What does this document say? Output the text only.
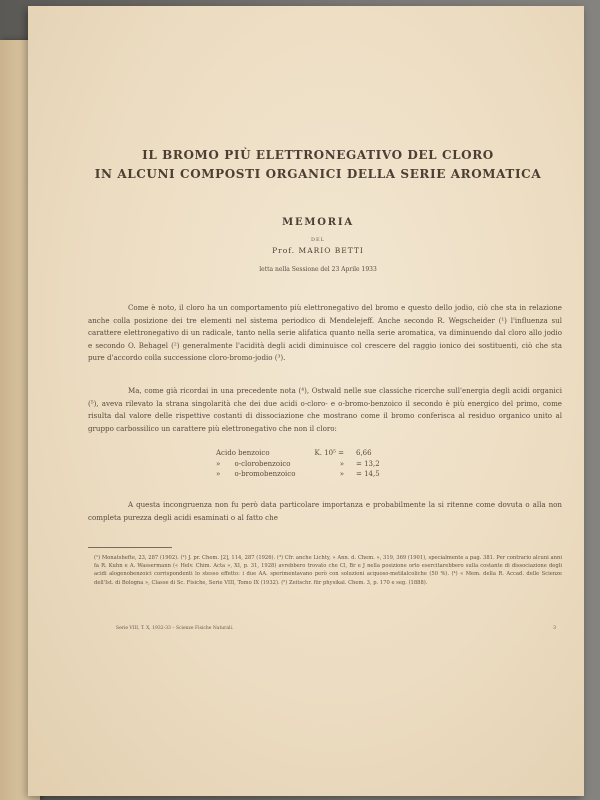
IL BROMO PIÙ ELETTRONEGATIVO DEL CLORO
IN ALCUNI COMPOSTI ORGANICI DELLA SERIE AROMATICA
MEMORIA
DEL
Prof. MARIO BETTI
letta nella Sessione del 23 Aprile 1933

Come è noto, il cloro ha un comportamento più elettronegativo del bromo e questo dello jodio, ciò che sta in relazione anche colla posizione dei tre elementi nel sistema periodico di Mendelejeff. Anche secondo R. Wegscheider (¹) l'influenza sul carattere elettronegativo di un radicale, tanto nella serie alifatica quanto nella serie aromatica, va diminuendo dal cloro allo jodio e secondo O. Behagel (²) generalmente l'acidità degli acidi diminuisce col crescere del raggio ionico dei sostituenti, ciò che sta pure d'accordo colla successione cloro-bromo-jodio (³).

Ma, come già ricordai in una precedente nota (⁴), Ostwald nelle sue classiche ricerche sull'energia degli acidi organici (⁵), aveva rilevato la strana singolarità che dei due acidi o-cloro- e o-bromo-benzoico il secondo è più energico del primo, come risulta dal valore delle rispettive costanti di dissociazione che mostrano come il bromo conferisca al residuo organico unito al gruppo carbossilico un carattere più elettronegativo che non il cloro:

Acido benzoico	K. 10⁵ =	6,66
» o-clorobenzoico	»	= 13,2
» o-bromobenzoico	»	= 14,5

A questa incongruenza non fu però data particolare importanza e probabilmente la si ritenne come dovuta o alla non completa purezza degli acidi esaminati o al fatto che

(¹) Monatshefte, 23, 287 (1902). (²) J. pr. Chem. [2], 114, 287 (1926). (³) Cfr. anche Lichty, « Ann. d. Chem. », 319, 369 (1901), specialmente a pag. 381. Per contrario alcuni anni fa R. Kuhn e A. Wassermann (« Helv. Chim. Acta », XI, p. 31, 1928) avrebbero trovato che Cl, Br e J nella posizione orto esercitarebbero sulla costante di dissociazione degli acidi alogenobenzoici corrispondenti lo stesso effetto: i due AA. sperimentavano però con soluzioni acquoso-metilalcoliche (50 %). (⁴) « Mem. della R. Accad. delle Scienze dell'Ist. di Bologna », Classe di Sc. Fisiche, Serie VIII, Tomo IX (1932). (⁵) Zeitschr. für physikal. Chem. 3, p. 170 e seg. (1888).

Serie VIII, T. X, 1932-33 – Scienze Fisiche Naturali.	3
